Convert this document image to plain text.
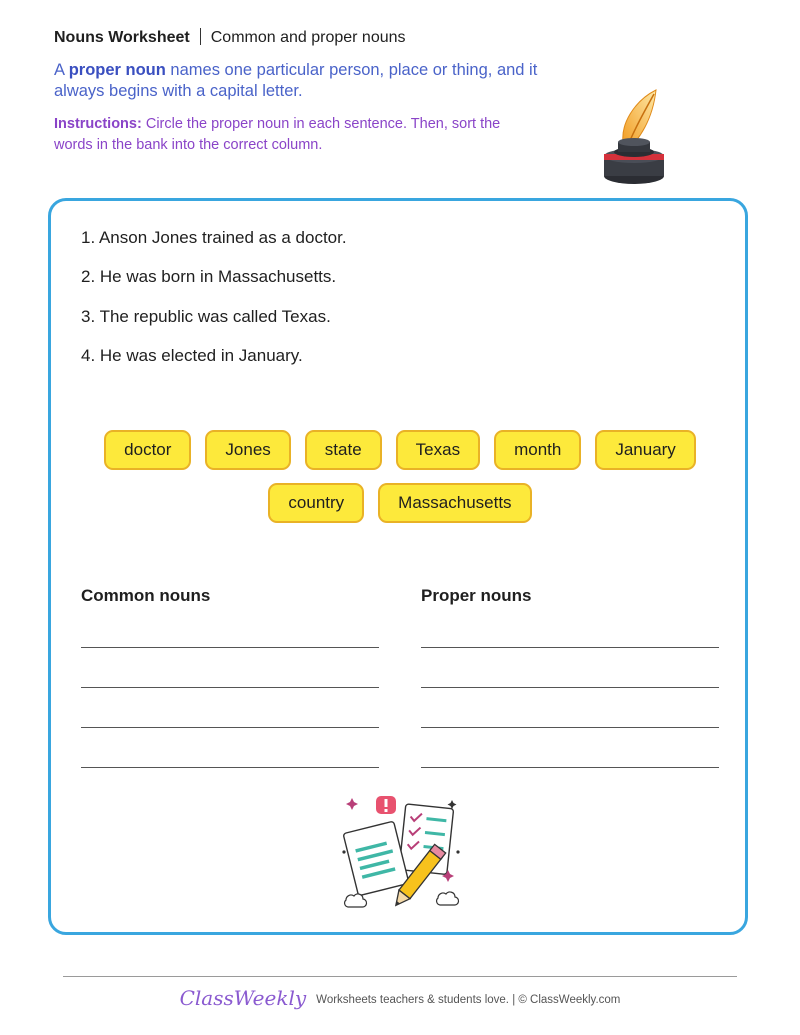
Nouns Worksheet Common and proper nouns
A proper noun names one particular person, place or thing, and it always begins with a capital letter.
Instructions: Circle the proper noun in each sentence. Then, sort the words in the bank into the correct column.
1. Anson Jones trained as a doctor.
2. He was born in Massachusetts.
3. The republic was called Texas.
4. He was elected in January.
doctor	Jones	state	Texas	month	January
country	Massachusetts
Common nouns	Proper nouns
ClassWeekly Worksheets teachers & students love. | © ClassWeekly.com
